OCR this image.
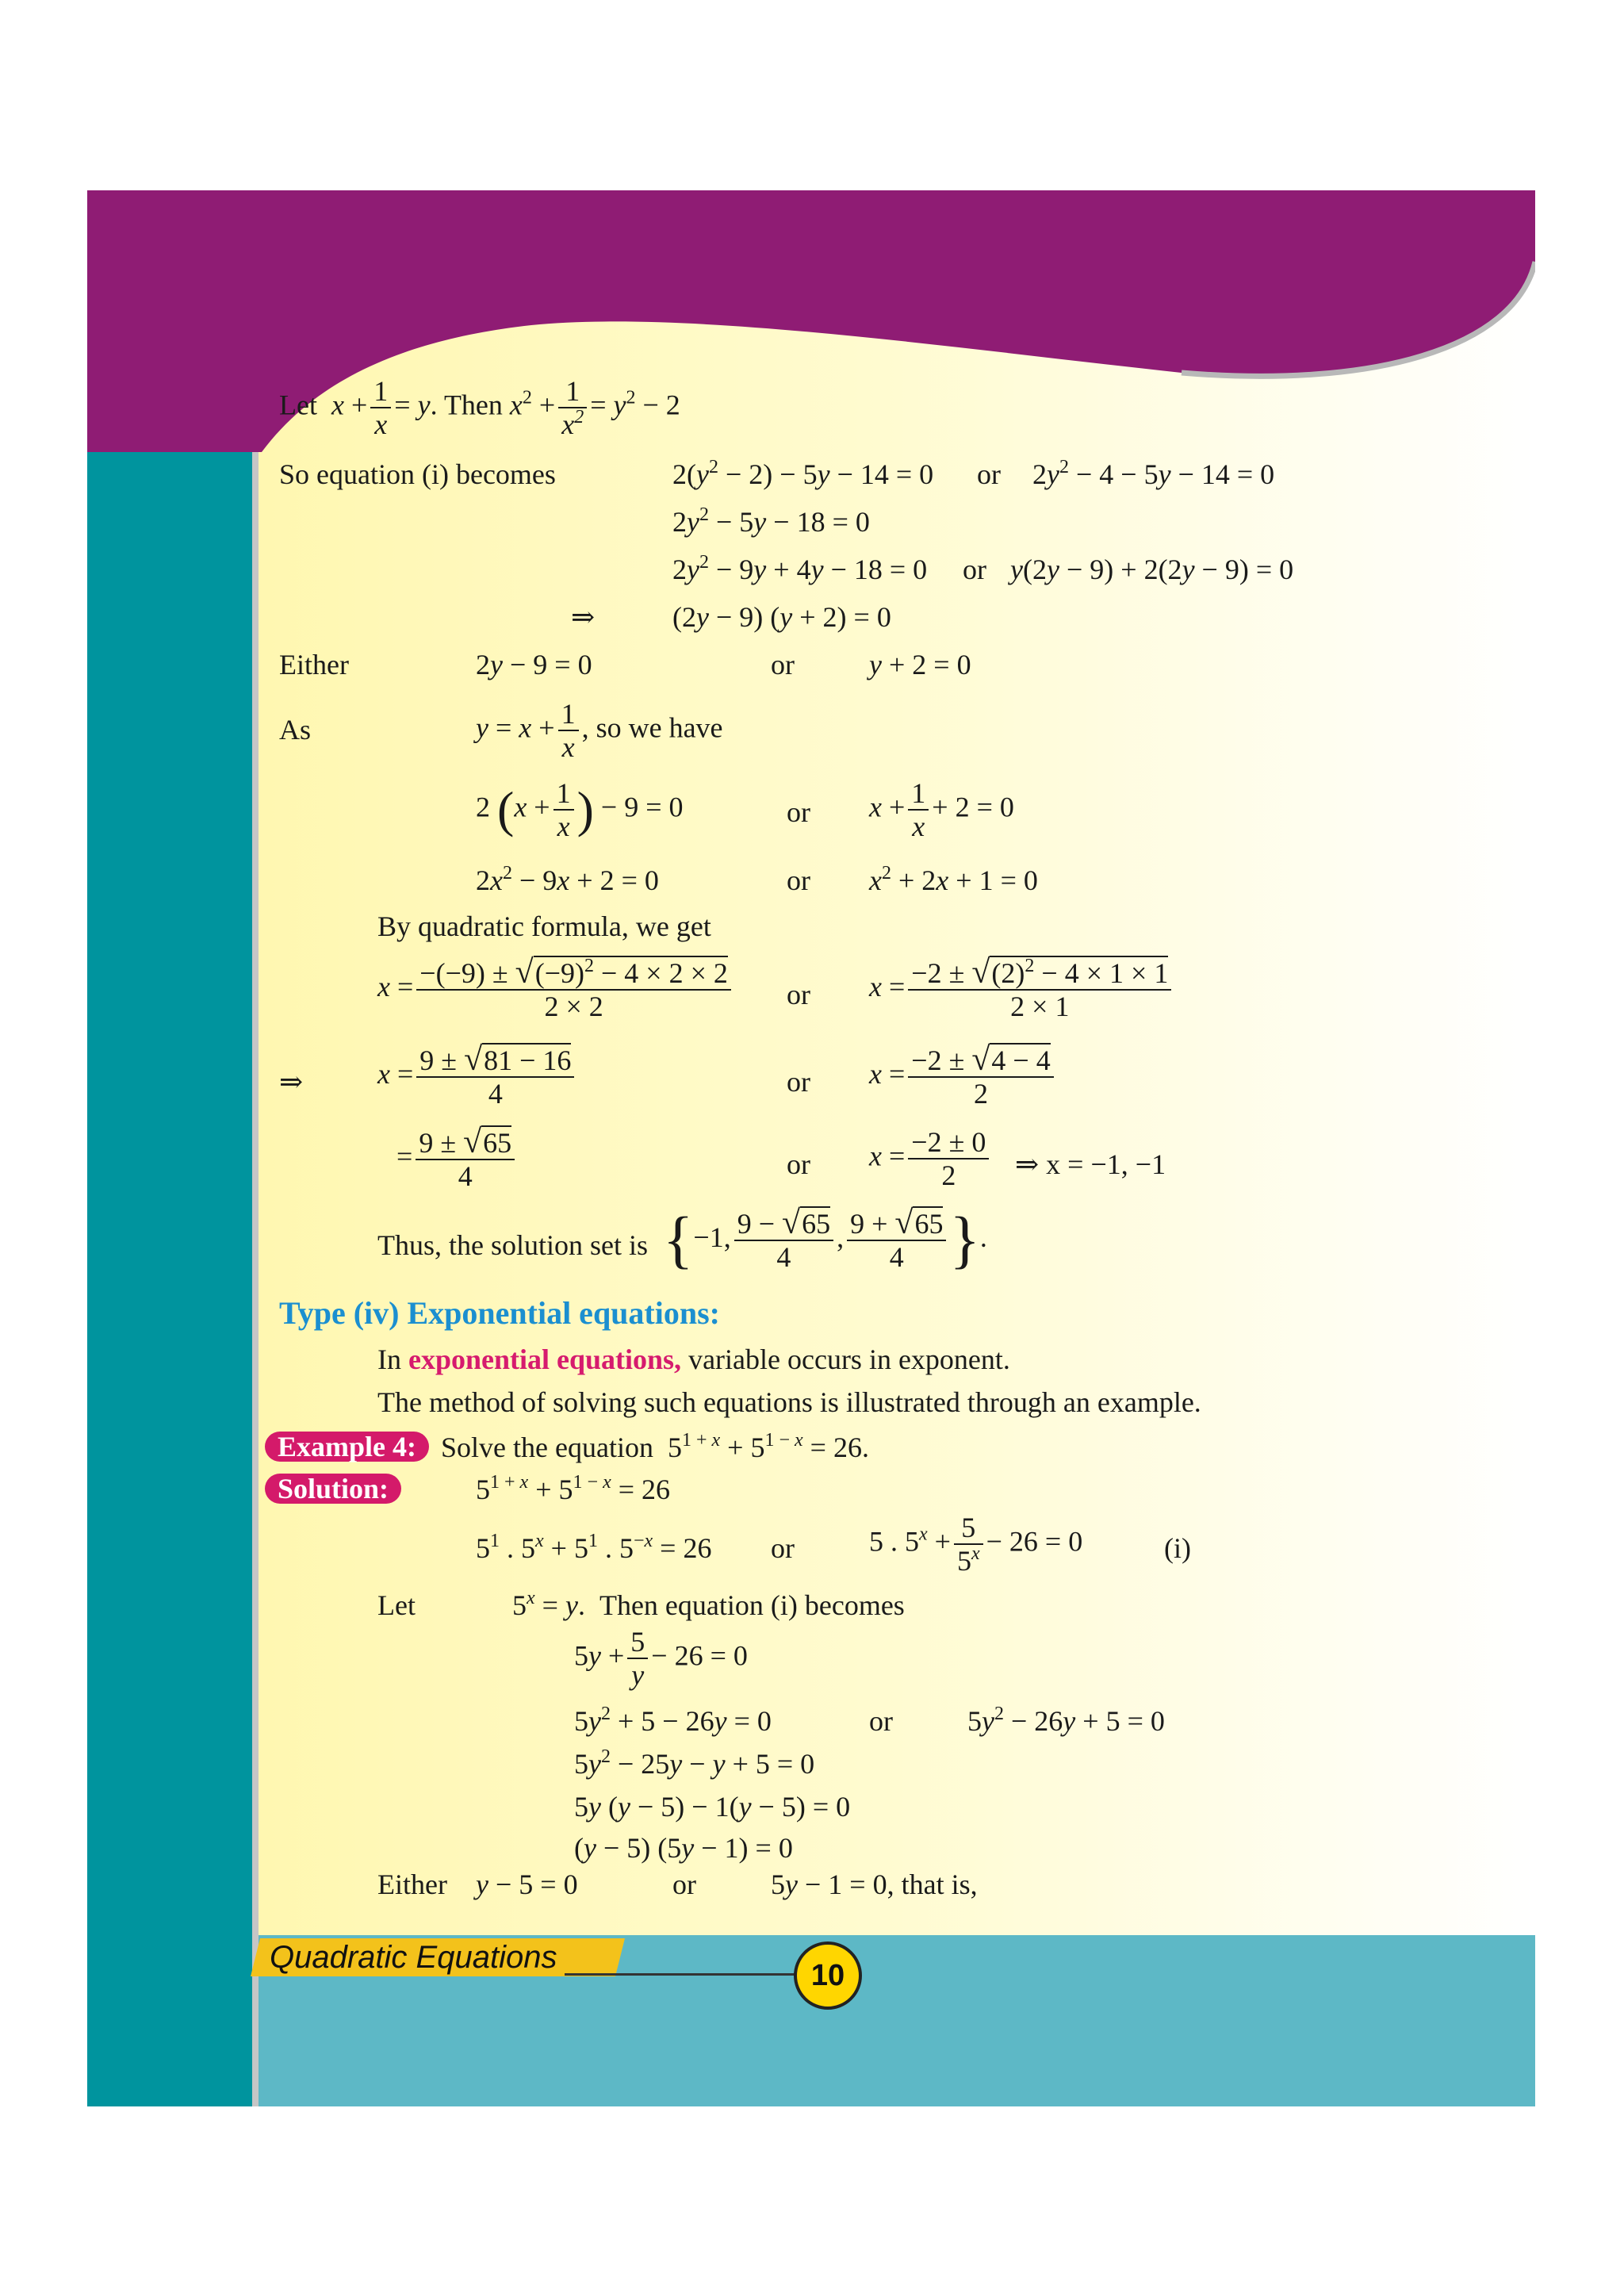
Let $x + \frac{1}{x} = y$. Then $x^2 + \frac{1}{x^2} = y^2 - 2$
So equation (i) becomes	$2(y^2 - 2) - 5y - 14 = 0$ or $2y^2 - 4 - 5y - 14 = 0$
$2y^2 - 5y - 18 = 0$
$2y^2 - 9y + 4y - 18 = 0$ or y(2y − 9) + 2(2y − 9) = 0
⇒	(2y − 9) (y + 2) = 0
Either	2y − 9 = 0	or	y + 2 = 0
As	$y = x + \frac{1}{x}$ , so we have
2 ($x + \frac{1}{x}$ ) − 9 = 0	or $x + \frac{1}{x} + 2 = 0$
$2x^2 - 9x + 2 = 0$	or $x^2 + 2x + 1 = 0$
By quadratic formula, we get
$x = \frac{-(-9) \pm √(-9)^2 - 4 \times 2 \times 2}{2 \times 2}$ or $x = \frac{-2 \pm √(2)^2 - 4 \times 1 \times 1}{2 \times 1}$
⇒	$x = \frac{9 \pm √81 - 16}{4}$	or $x = \frac{-2 \pm √4 - 4}{2}$
= $\frac{9 \pm √65}{4}$	or $x = \frac{-2 \pm 0}{2}$ ⇒ x = −1, −1
Thus, the solution set is {−1, $\frac{9 - √65}{4}$ , $\frac{9 + √65}{4}$ }.
Type (iv) Exponential equations:
In exponential equations, variable occurs in exponent.
The method of solving such equations is illustrated through an example.
Example 4: Solve the equation  $5^{1 + x} + 5^{1 - x} = 26$.
Solution:	$5^{1 + x} + 5^{1 - x} = 26$
$5^1$ . $5^x + 5^1$ . $5^{-x} = 26$ or	5 . $5^x + \frac{5}{5^x} - 26 = 0$	(i)
Let	$5^x = y$.  Then equation (i) becomes
$5y + \frac{5}{y} - 26 = 0$
$5y^2 + 5 - 26y = 0$	or	$5y^2 - 26y + 5 = 0$
$5y^2 - 25y - y + 5 = 0$
5y (y − 5) − 1(y − 5) = 0
(y − 5) (5y − 1) = 0
Either y − 5 = 0	or	5y − 1 = 0, that is,
Quadratic Equations
10
